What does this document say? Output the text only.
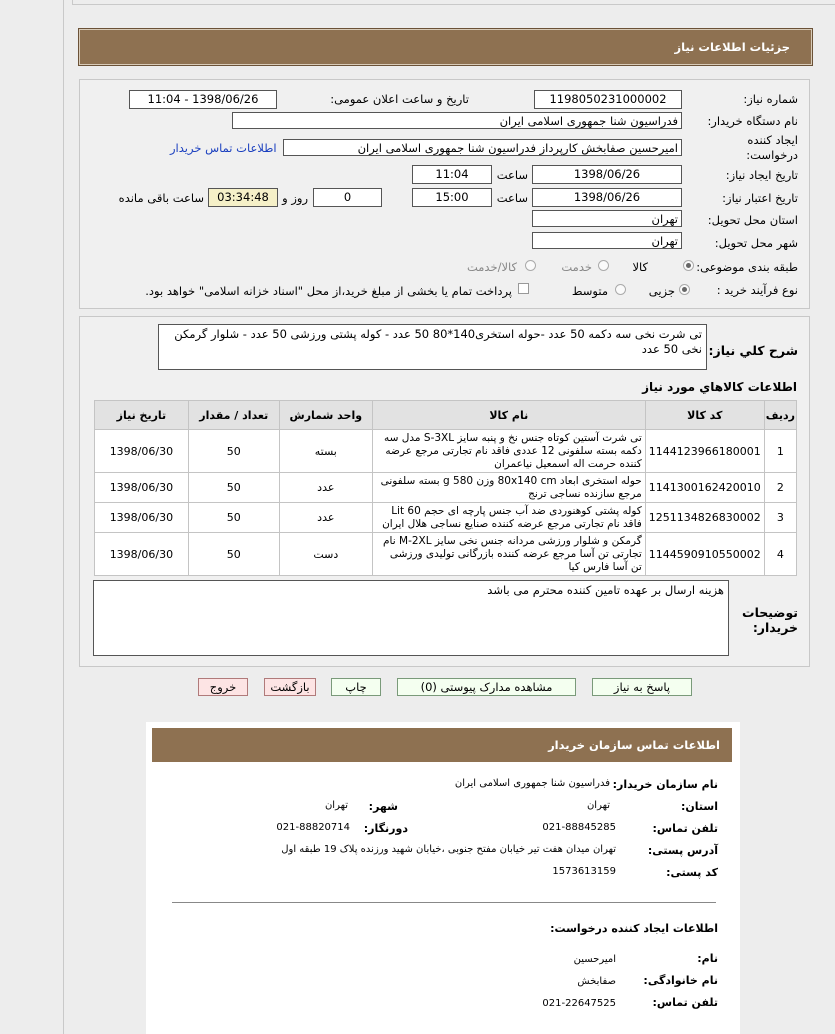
جزئیات اطلاعات نیاز
شماره نیاز:
1198050231000002
تاریخ و ساعت اعلان عمومی:
1398/06/26 - 11:04
نام دستگاه خریدار:
فدراسیون شنا جمهوری اسلامی ایران
ایجاد کننده
درخواست:
امیرحسین صفابخش کارپرداز فدراسیون شنا جمهوری اسلامی ایران
اطلاعات تماس خریدار
تاریخ ایجاد نیاز:
1398/06/26
ساعت
11:04
تاریخ اعتبار نیاز:
1398/06/26
ساعت
15:00
0
روز و
03:34:48
ساعت باقی مانده
استان محل تحویل:
تهران
شهر محل تحویل:
تهران
طبقه بندی موضوعی:
کالا
خدمت
کالا/خدمت
نوع فرآیند خرید :
جزیی
متوسط
پرداخت تمام یا بخشی از مبلغ خرید،از محل "اسناد خزانه اسلامی" خواهد بود.
شرح کلي نياز:
تی شرت نخی سه دکمه 50 عدد -حوله استخری140*80 50 عدد - کوله پشتی ورزشی 50 عدد - شلوار گرمکن نخی 50 عدد
اطلاعات کالاهاي مورد نياز
ردیف	کد کالا	نام کالا	واحد شمارش	تعداد / مقدار	تاریخ نیاز
1	1144123966180001	تی شرت آستین کوتاه جنس نخ و پنبه سایز S-3XL مدل سه دکمه بسته سلفونی 12 عددی فاقد نام تجارتی مرجع عرضه کننده حرمت اله اسمعیل نیاعمران	بسته	50	1398/06/30
2	1141300162420010	حوله استخری ابعاد 80x140 cm وزن 580 g بسته سلفونی مرجع سازنده نساجی ترنج	عدد	50	1398/06/30
3	1251134826830002	کوله پشتی کوهنوردی ضد آب جنس پارچه ای حجم 60 Lit فاقد نام تجارتی مرجع عرضه کننده صنایع نساجی هلال ایران	عدد	50	1398/06/30
4	1144590910550002	گرمکن و شلوار ورزشی مردانه جنس نخی سایز M-2XL نام تجارتی تن آسا مرجع عرضه کننده بازرگانی تولیدی ورزشی تن آسا فارس کیا	دست	50	1398/06/30
توضیحات
خریدار:
هزینه ارسال بر عهده تامین کننده محترم می باشد
پاسخ به نیاز
مشاهده مدارک پیوستی (0)
چاپ
بازگشت
خروج
اطلاعات تماس سازمان خریدار
نام سازمان خریدار:
فدراسیون شنا جمهوری اسلامی ایران
استان:
تهران
شهر:
تهران
تلفن تماس:
021-88845285
دورنگار:
021-88820714
آدرس پستی:
تهران میدان هفت تیر خیابان مفتح جنوبی ،خیابان شهید ورزنده پلاک 19 طبقه اول
کد پستی:
1573613159
اطلاعات ایجاد کننده درخواست:
نام:
امیرحسین
نام خانوادگی:
صفابخش
تلفن تماس:
021-22647525
